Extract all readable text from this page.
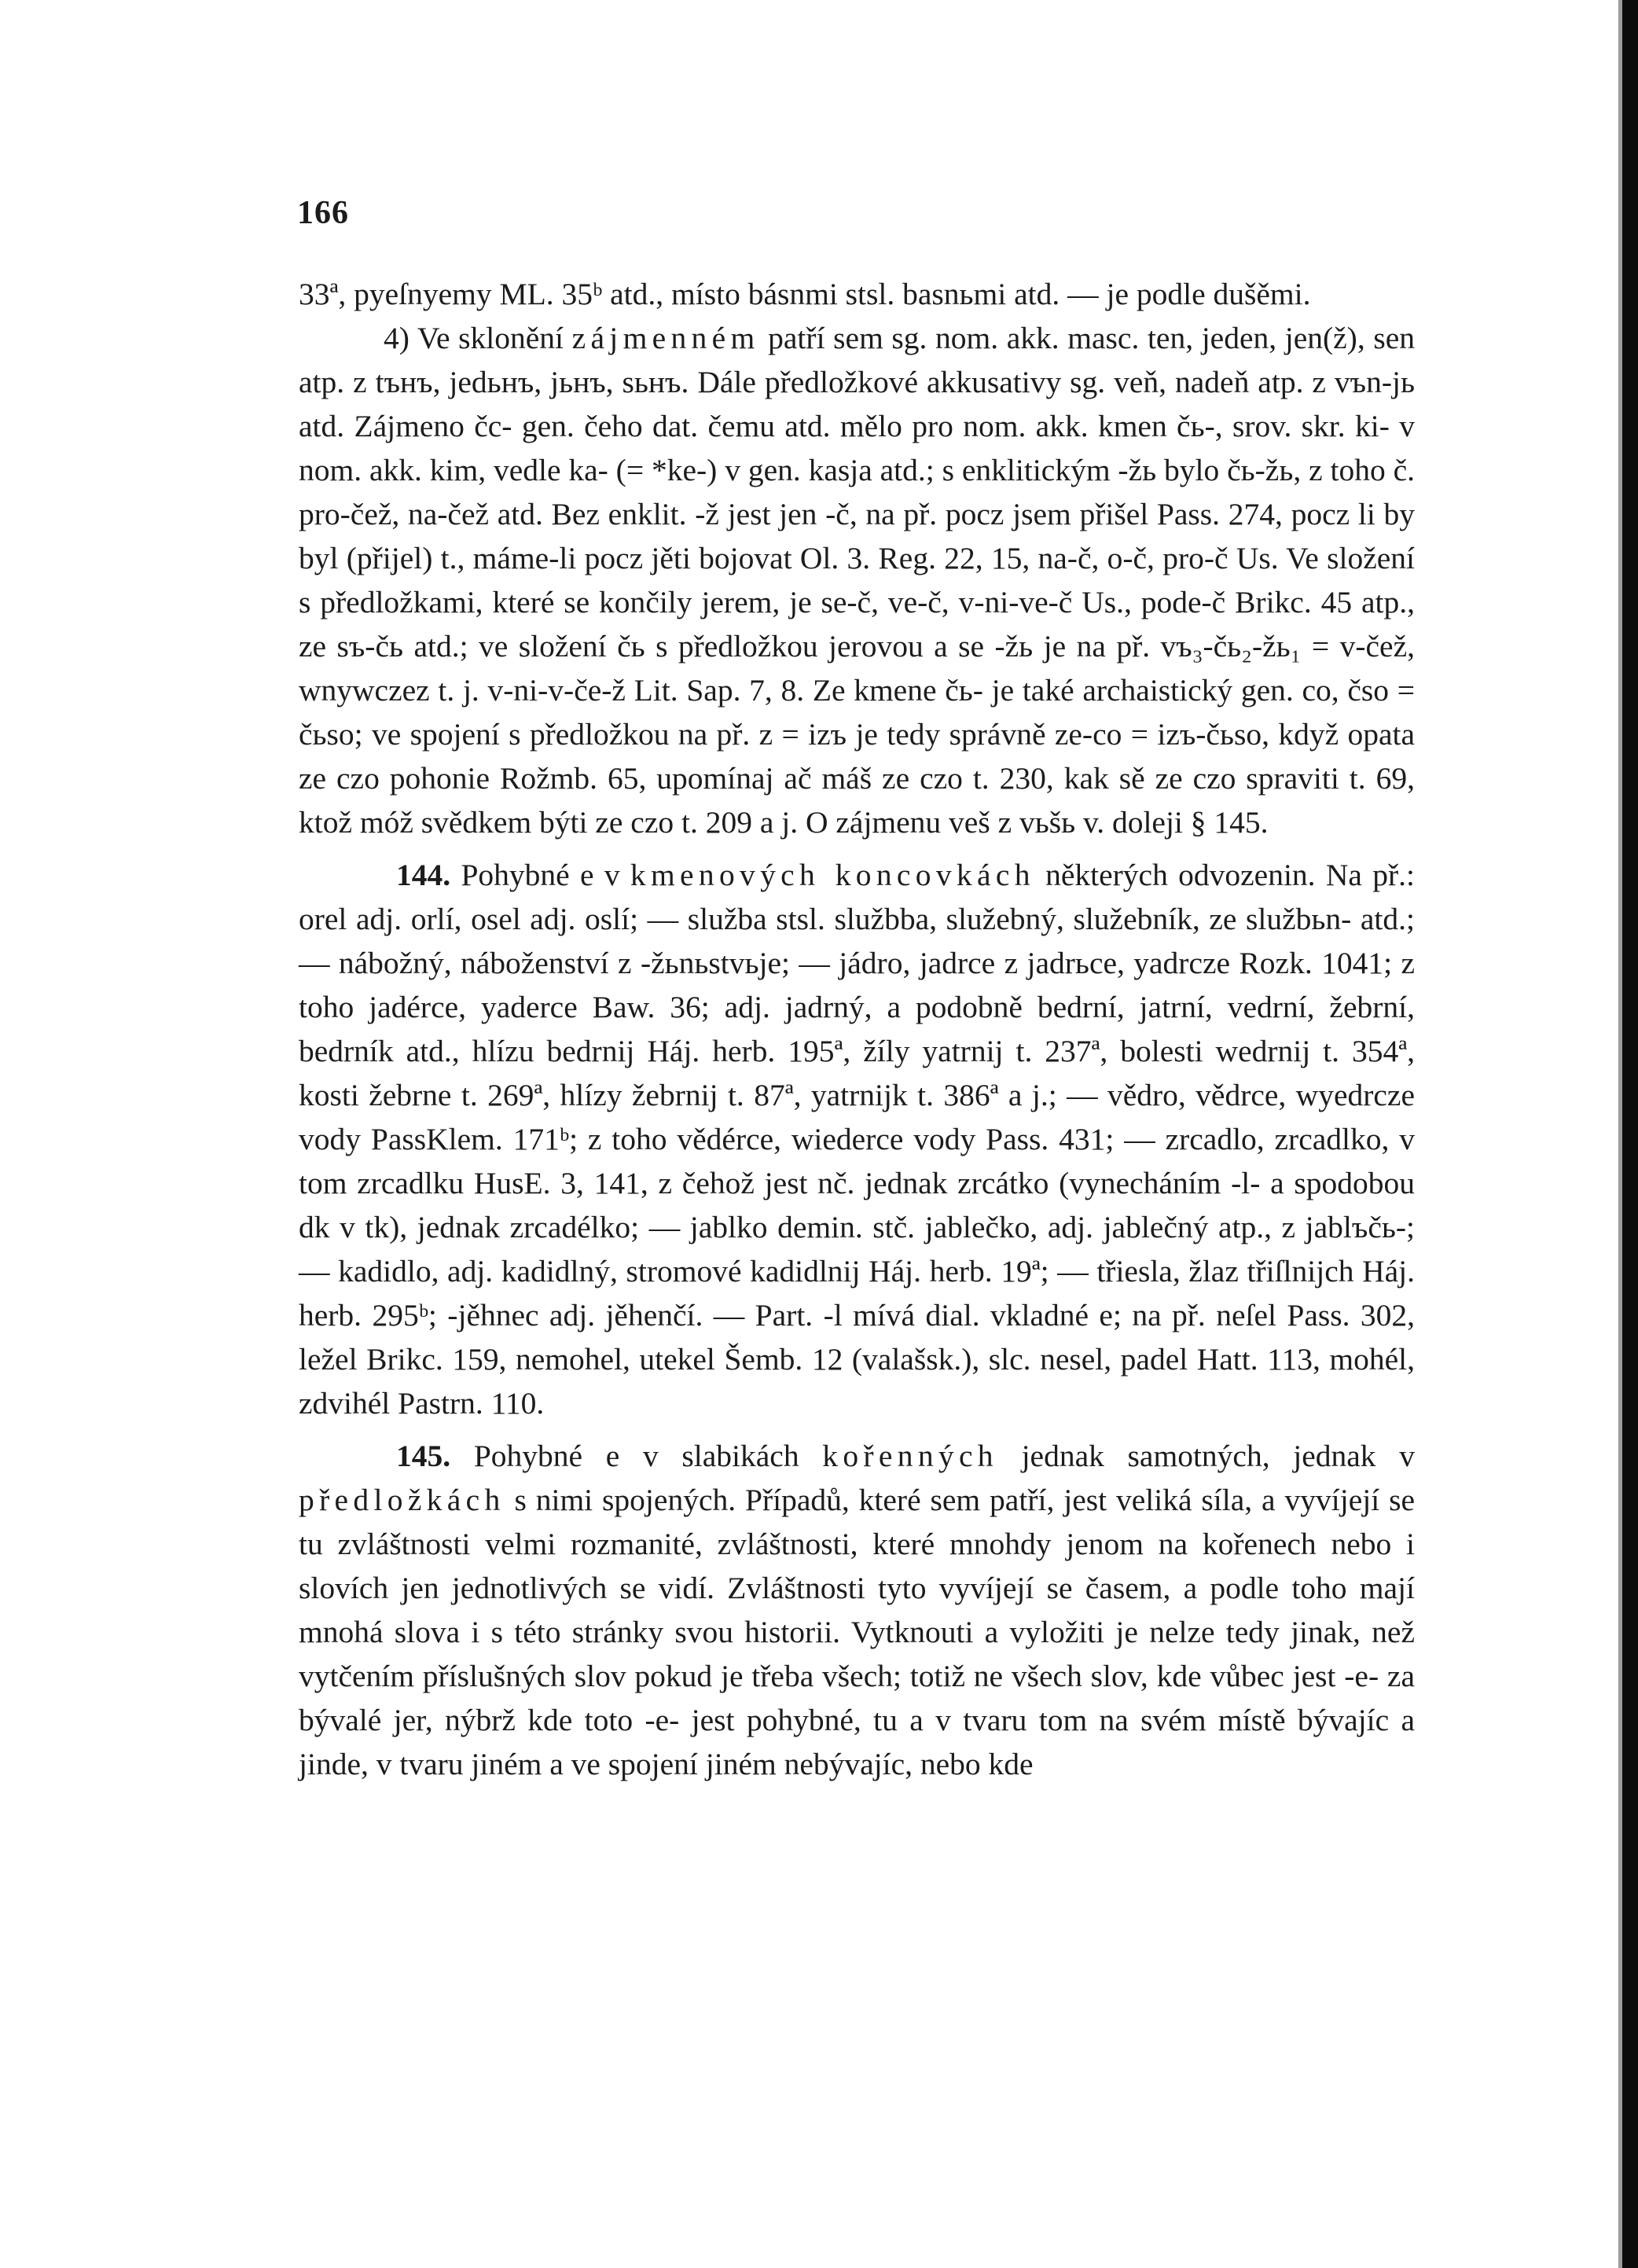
166

33ª, pyeſnyemy ML. 35ᵇ atd., místo básnmi stsl. basnьmi atd. — je podle dušěmi.

4) Ve sklonění zájmenném patří sem sg. nom. akk. masc. ten, jeden, jen(ž), sen atp. z tънъ, jedьнъ, jьнъ, sьнъ. Dále předložkové akkusativy sg. veň, nadeň atp. z vъn-jь atd. Zájmeno čc- gen. čeho dat. čemu atd. mělo pro nom. akk. kmen čь-, srov. skr. ki- v nom. akk. kim, vedle ka- (= *ke-) v gen. kasja atd.; s enklitickým -žь bylo čь-žь, z toho č. pro-čež, na-čež atd. Bez enklit. -ž jest jen -č, na př. pocz jsem přišel Pass. 274, pocz li by byl (přijel) t., máme-li pocz jěti bojovat Ol. 3. Reg. 22, 15, na-č, o-č, pro-č Us. Ve složení s předložkami, které se končily jerem, je se-č, ve-č, v-ni-ve-č Us., pode-č Brikc. 45 atp., ze sъ-čь atd.; ve složení čь s předložkou jerovou a se -žь je na př. vъ₃-čь₂-žь₁ = v-čež, wnywczez t. j. v-ni-v-če-ž Lit. Sap. 7, 8. Ze kmene čь- je také archaistický gen. co, čso = čьso; ve spojení s předložkou na př. z = izъ je tedy správně ze-co = izъ-čьso, když opata ze czo pohonie Rožmb. 65, upomínaj ač máš ze czo t. 230, kak sě ze czo spraviti t. 69, ktož móž svědkem býti ze czo t. 209 a j. O zájmenu veš z vьšь v. doleji § 145.

144. Pohybné e v kmenových koncovkách některých odvozenin. Na př.: orel adj. orlí, osel adj. oslí; — služba stsl. službba, služebný, služebník, ze službьn- atd.; — nábožný, náboženství z -žьnьstvьje; — jádro, jadrce z jadrьce, yadrcze Rozk. 1041; z toho jadérce, yaderce Baw. 36; adj. jadrný, a podobně bedrní, jatrní, vedrní, žebrní, bedrník atd., hlízu bedrnij Háj. herb. 195ª, žíly yatrnij t. 237ª, bolesti wedrnij t. 354ª, kosti žebrne t. 269ª, hlízy žebrnij t. 87ª, yatrnijk t. 386ª a j.; — vědro, vědrce, wyedrcze vody PassKlem. 171ᵇ; z toho vědérce, wiederce vody Pass. 431; — zrcadlo, zrcadlko, v tom zrcadlku HusE. 3, 141, z čehož jest nč. jednak zrcátko (vynecháním -l- a spodobou dk v tk), jednak zrcadélko; — jablko demin. stč. jablečko, adj. jablečný atp., z jablъčь-; — kadidlo, adj. kadidlný, stromové kadidlnij Háj. herb. 19ª; — třiesla, žlaz třiſlnijch Háj. herb. 295ᵇ; -jěhnec adj. jěhenčí. — Part. -l mívá dial. vkladné e; na př. neſel Pass. 302, ležel Brikc. 159, nemohel, utekel Šemb. 12 (valašsk.), slc. nesel, padel Hatt. 113, mohél, zdvihél Pastrn. 110.

145. Pohybné e v slabikách kořenných jednak samotných, jednak v předložkách s nimi spojených. Případů, které sem patří, jest veliká síla, a vyvíjejí se tu zvláštnosti velmi rozmanité, zvláštnosti, které mnohdy jenom na kořenech nebo i slovích jen jednotlivých se vidí. Zvláštnosti tyto vyvíjejí se časem, a podle toho mají mnohá slova i s této stránky svou historii. Vytknouti a vyložiti je nelze tedy jinak, než vytčením příslušných slov pokud je třeba všech; totiž ne všech slov, kde vůbec jest -e- za bývalé jer, nýbrž kde toto -e- jest pohybné, tu a v tvaru tom na svém místě bývajíc a jinde, v tvaru jiném a ve spojení jiném nebývajíc, nebo kde
